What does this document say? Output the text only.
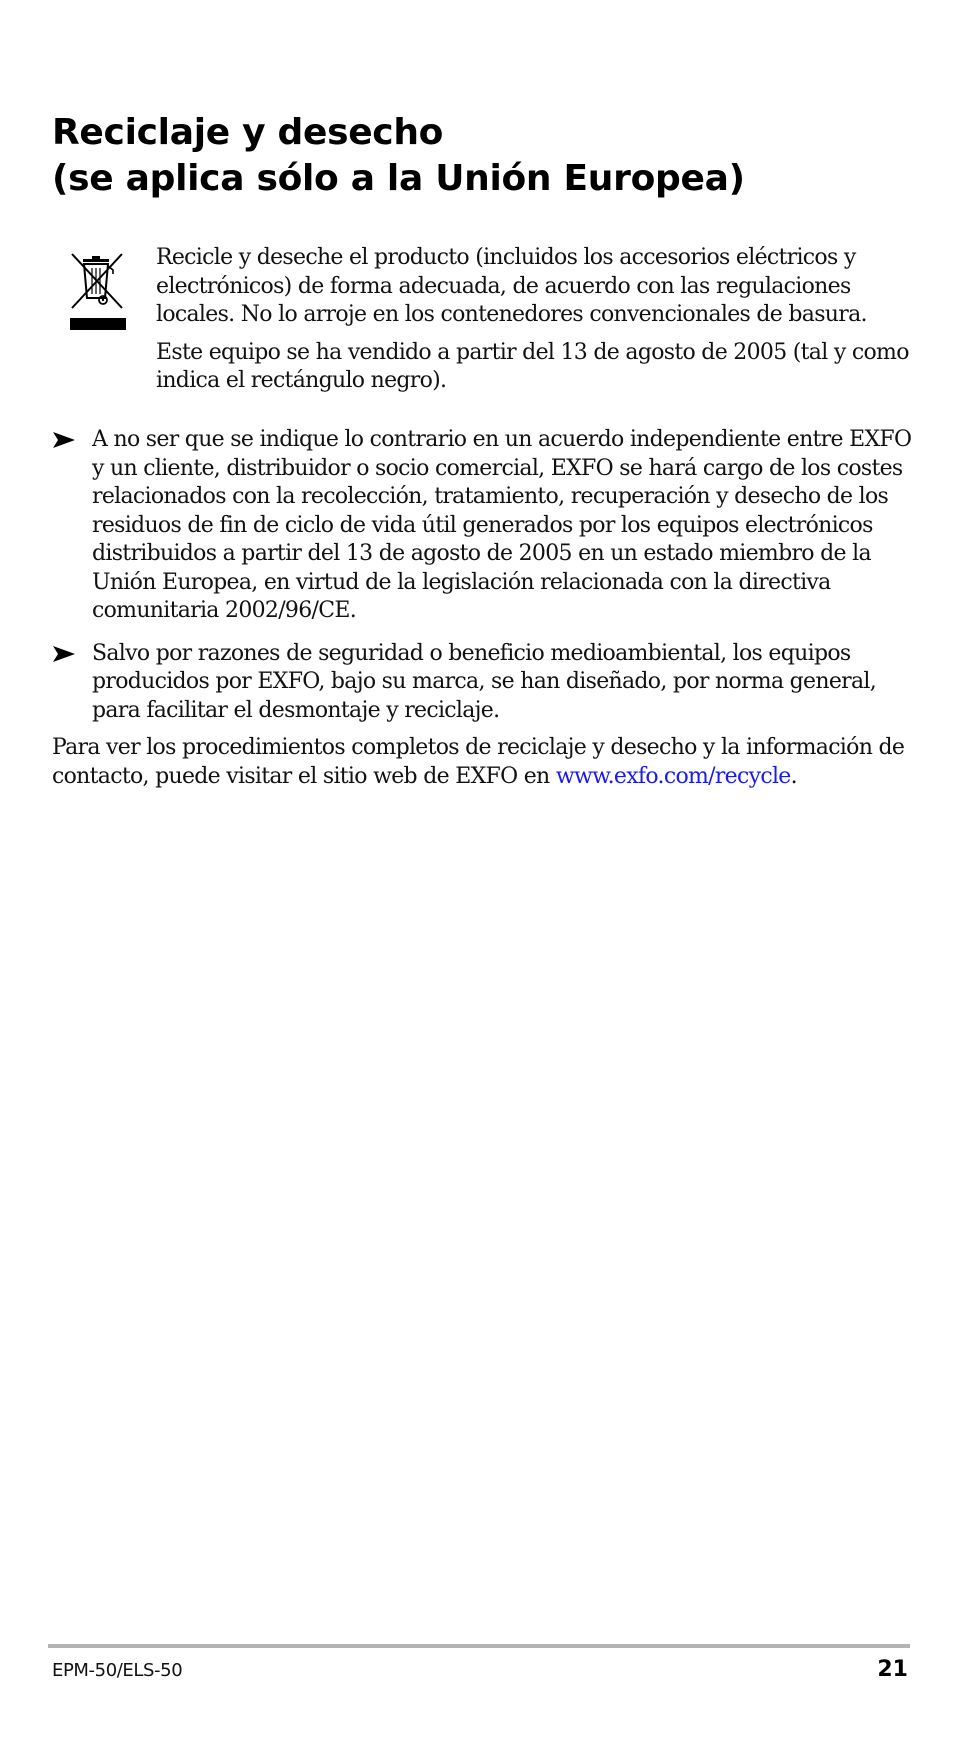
Reciclaje y desecho
(se aplica sólo a la Unión Europea)

Recicle y deseche el producto (incluidos los accesorios eléctricos y electrónicos) de forma adecuada, de acuerdo con las regulaciones locales. No lo arroje en los contenedores convencionales de basura.

Este equipo se ha vendido a partir del 13 de agosto de 2005 (tal y como indica el rectángulo negro).

A no ser que se indique lo contrario en un acuerdo independiente entre EXFO y un cliente, distribuidor o socio comercial, EXFO se hará cargo de los costes relacionados con la recolección, tratamiento, recuperación y desecho de los residuos de fin de ciclo de vida útil generados por los equipos electrónicos distribuidos a partir del 13 de agosto de 2005 en un estado miembro de la Unión Europea, en virtud de la legislación relacionada con la directiva comunitaria 2002/96/CE.

Salvo por razones de seguridad o beneficio medioambiental, los equipos producidos por EXFO, bajo su marca, se han diseñado, por norma general, para facilitar el desmontaje y reciclaje.

Para ver los procedimientos completos de reciclaje y desecho y la información de contacto, puede visitar el sitio web de EXFO en www.exfo.com/recycle.

EPM-50/ELS-50	21
